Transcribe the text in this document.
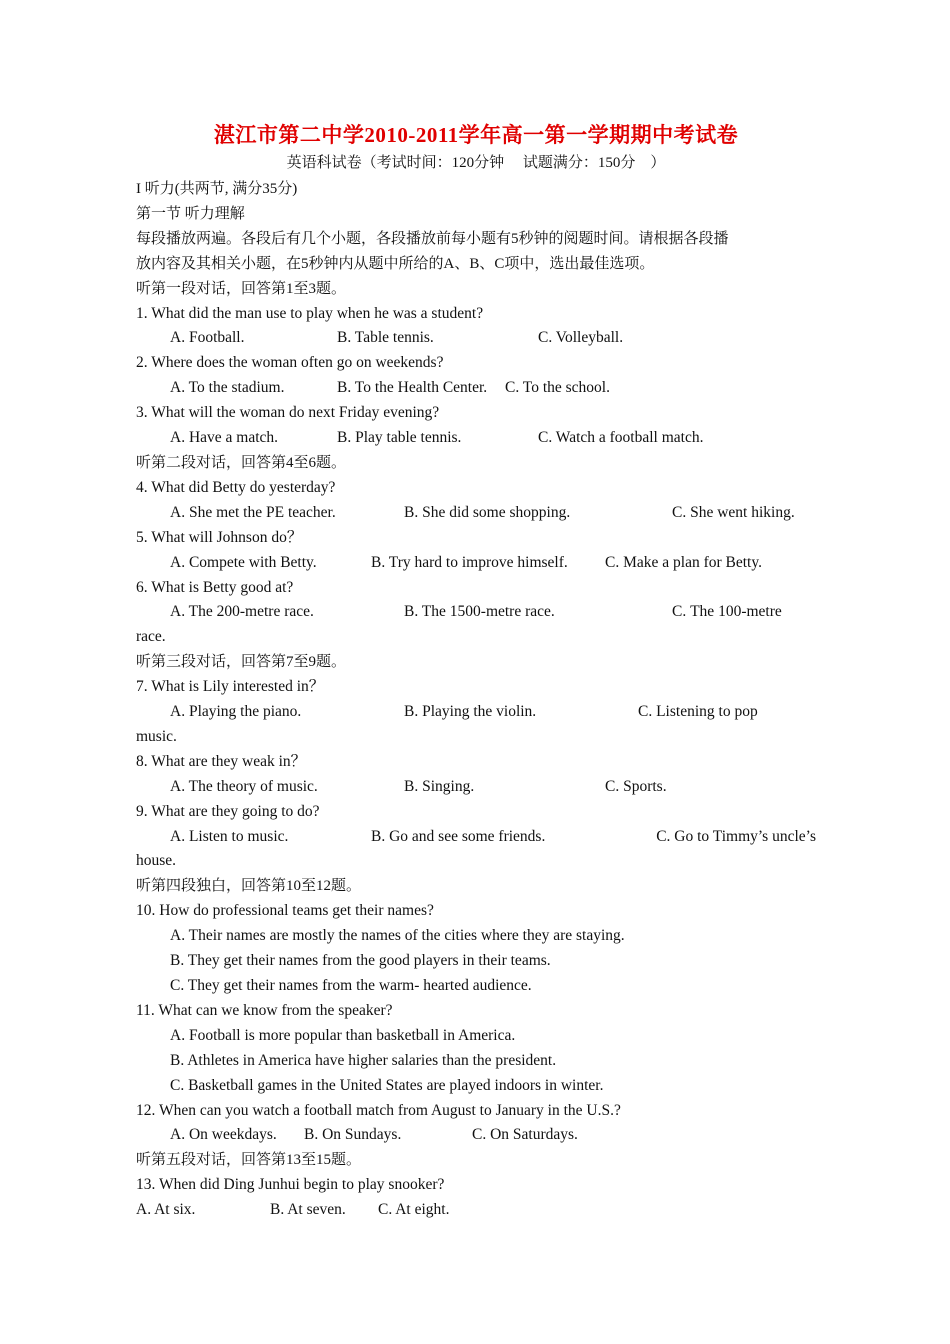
湛江市第二中学2010-2011学年高一第一学期期中考试卷

英语科试卷（考试时间：120分钟　 试题满分：150分　）

I 听力(共两节, 满分35分)

第一节 听力理解

每段播放两遍。各段后有几个小题，各段播放前每小题有5秒钟的阅题时间。请根据各段播

放内容及其相关小题，在5秒钟内从题中所给的A、B、C项中，选出最佳选项。

听第一段对话，回答第1至3题。

1. What did the man use to play when he was a student?

A. Football.	B. Table tennis.	C. Volleyball.

2. Where does the woman often go on weekends?

A. To the stadium.	B. To the Health Center.	C. To the school.

3. What will the woman do next Friday evening?

A. Have a match.	B. Play table tennis.	C. Watch a football match.

听第二段对话，回答第4至6题。

4. What did Betty do yesterday?

A. She met the PE teacher.	B. She did some shopping.	C. She went hiking.

5. What will Johnson do？

A. Compete with Betty.	B. Try hard to improve himself.	C. Make a plan for Betty.

6. What is Betty good at?

A. The 200-metre race.	B. The 1500-metre race.	C. The 100-metre

race.

听第三段对话，回答第7至9题。

7. What is Lily interested in？

A. Playing the piano.	B. Playing the violin.	C. Listening to pop

music.

8. What are they weak in？

A. The theory of music.	B. Singing.	C. Sports.

9. What are they going to do?

A. Listen to music.	B. Go and see some friends.	C. Go to Timmy’s uncle’s

house.

听第四段独白，回答第10至12题。

10. How do professional teams get their names?

A. Their names are mostly the names of the cities where they are staying.

B. They get their names from the good players in their teams.

C. They get their names from the warm- hearted audience.

11. What can we know from the speaker?

A. Football is more popular than basketball in America.

B. Athletes in America have higher salaries than the president.

C. Basketball games in the United States are played indoors in winter.

12. When can you watch a football match from August to January in the U.S.?

A. On weekdays.	B. On Sundays.	C. On Saturdays.

听第五段对话，回答第13至15题。

13. When did Ding Junhui begin to play snooker?

A. At six.	B. At seven.	C. At eight.
